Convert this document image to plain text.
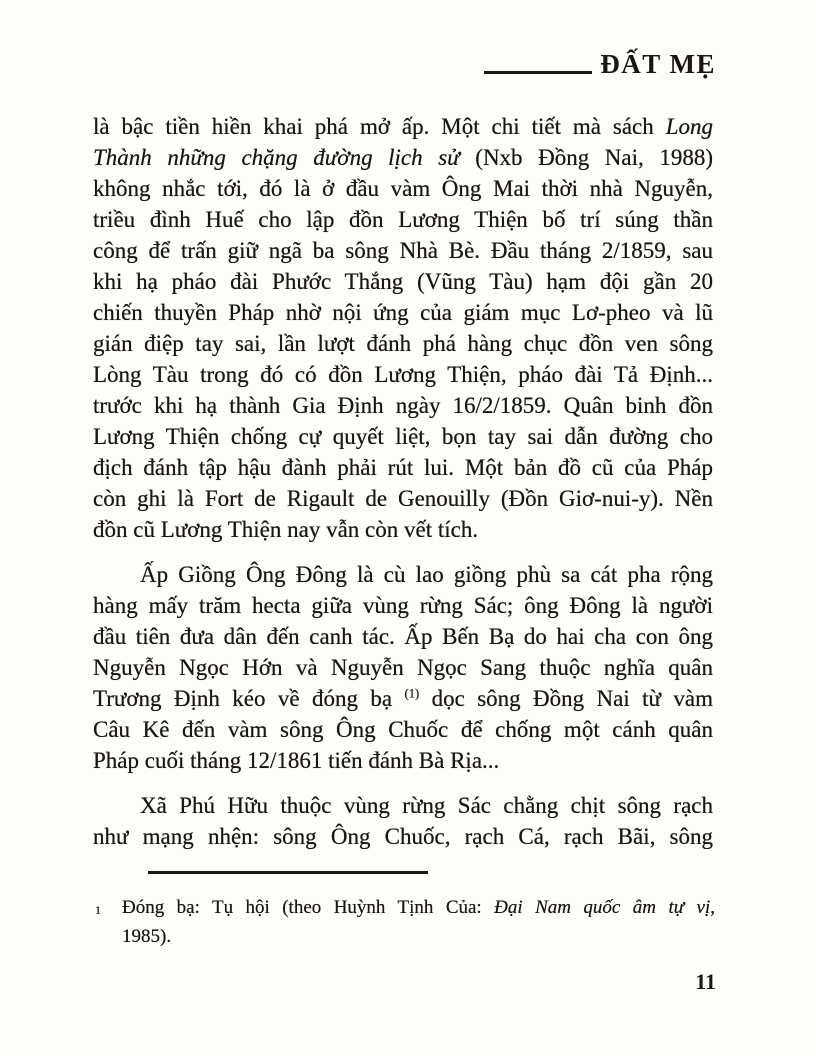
ĐẤT MẸ
là bậc tiền hiền khai phá mở ấp. Một chi tiết mà sách Long
Thành những chặng đường lịch sử (Nxb Đồng Nai, 1988)
không nhắc tới, đó là ở đầu vàm Ông Mai thời nhà Nguyễn,
triều đình Huế cho lập đồn Lương Thiện bố trí súng thần
công để trấn giữ ngã ba sông Nhà Bè. Đầu tháng 2/1859, sau
khi hạ pháo đài Phước Thắng (Vũng Tàu) hạm đội gần 20
chiến thuyền Pháp nhờ nội ứng của giám mục Lơ-pheo và lũ
gián điệp tay sai, lần lượt đánh phá hàng chục đồn ven sông
Lòng Tàu trong đó có đồn Lương Thiện, pháo đài Tả Định...
trước khi hạ thành Gia Định ngày 16/2/1859. Quân binh đồn
Lương Thiện chống cự quyết liệt, bọn tay sai dẫn đường cho
địch đánh tập hậu đành phải rút lui. Một bản đồ cũ của Pháp
còn ghi là Fort de Rigault de Genouilly (Đồn Giơ-nui-y). Nền
đồn cũ Lương Thiện nay vẫn còn vết tích.
Ấp Giồng Ông Đông là cù lao giồng phù sa cát pha rộng
hàng mấy trăm hecta giữa vùng rừng Sác; ông Đông là người
đầu tiên đưa dân đến canh tác. Ấp Bến Bạ do hai cha con ông
Nguyễn Ngọc Hớn và Nguyễn Ngọc Sang thuộc nghĩa quân
Trương Định kéo về đóng bạ $^{(1)}$ dọc sông Đồng Nai từ vàm
Câu Kê đến vàm sông Ông Chuốc để chống một cánh quân
Pháp cuối tháng 12/1861 tiến đánh Bà Rịa...
Xã Phú Hữu thuộc vùng rừng Sác chằng chịt sông rạch
như mạng nhện: sông Ông Chuốc, rạch Cá, rạch Bãi, sông
1	Đóng bạ: Tụ hội (theo Huỳnh Tịnh Của: Đại Nam quốc âm tự vị,
1985).
11
